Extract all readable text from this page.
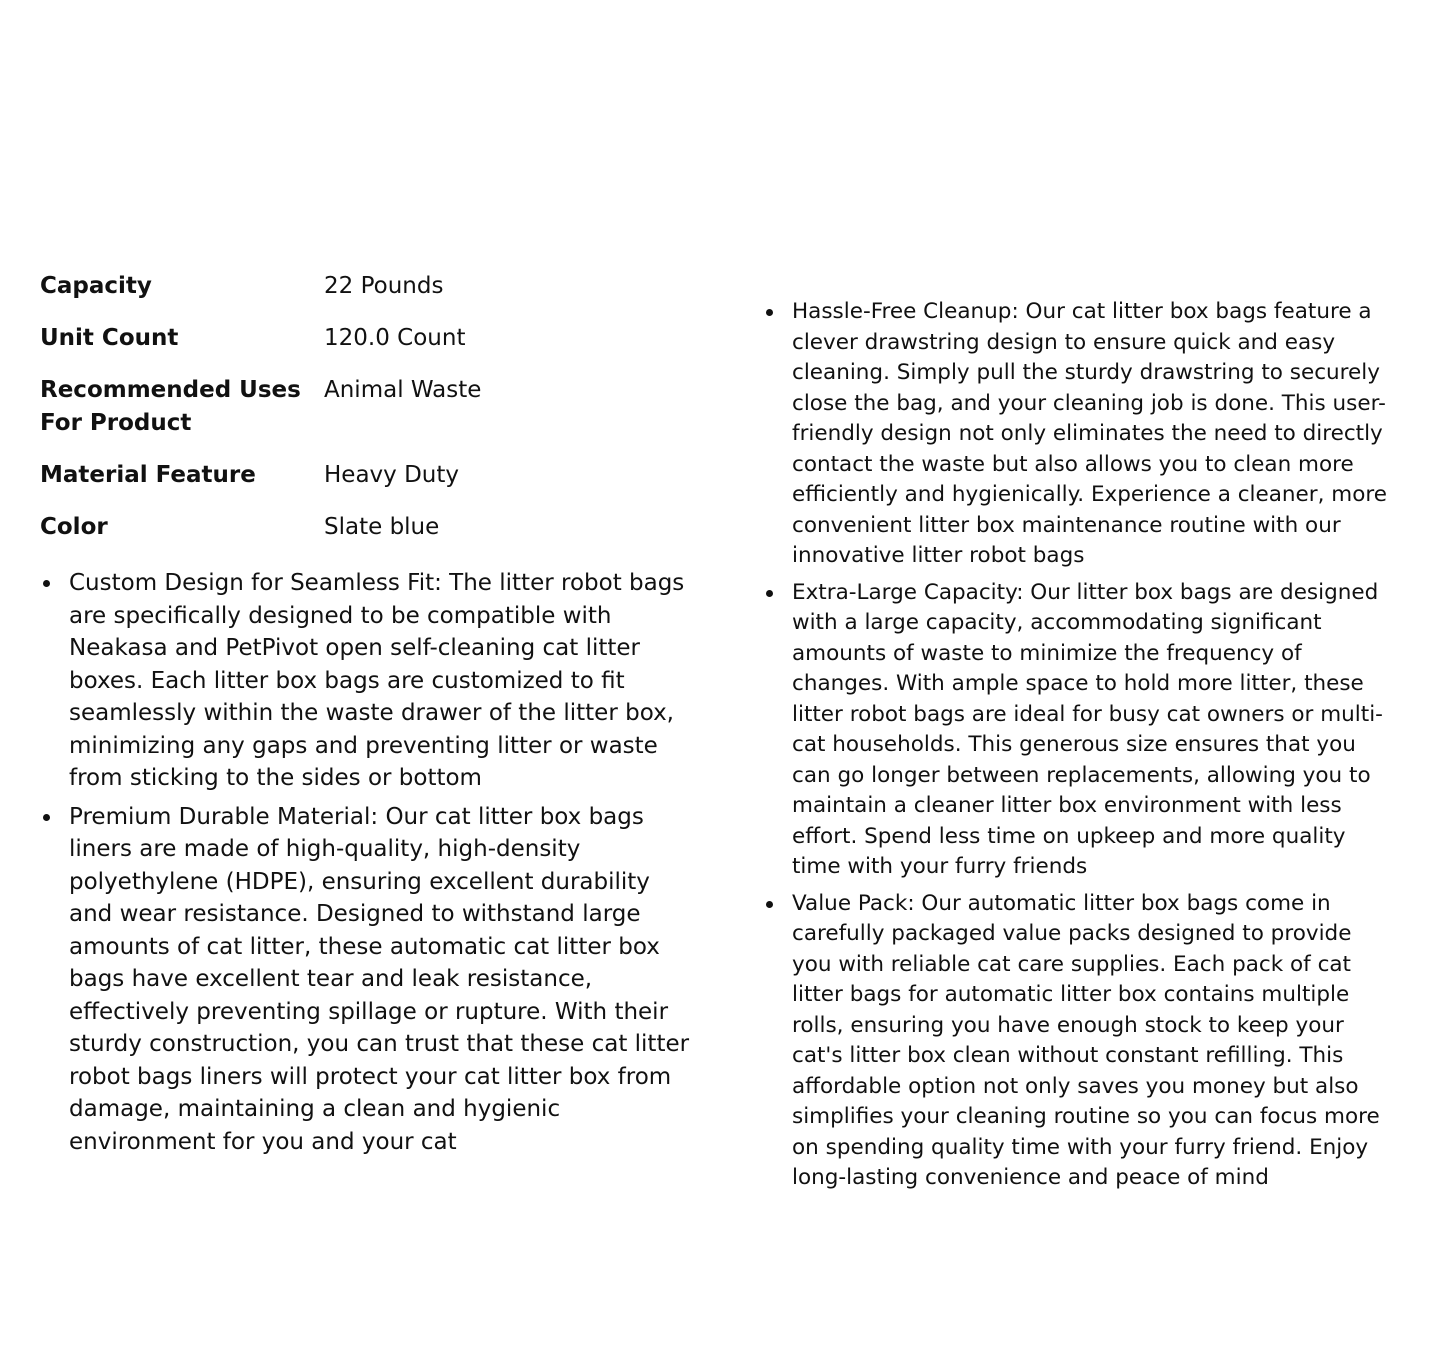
Capacity	22 Pounds
Unit Count	120.0 Count
Recommended Uses For Product	Animal Waste
Material Feature	Heavy Duty
Color	Slate blue
Custom Design for Seamless Fit: The litter robot bags are specifically designed to be compatible with Neakasa and PetPivot open self-cleaning cat litter boxes. Each litter box bags are customized to fit seamlessly within the waste drawer of the litter box, minimizing any gaps and preventing litter or waste from sticking to the sides or bottom
Premium Durable Material: Our cat litter box bags liners are made of high-quality, high-density polyethylene (HDPE), ensuring excellent durability and wear resistance. Designed to withstand large amounts of cat litter, these automatic cat litter box bags have excellent tear and leak resistance, effectively preventing spillage or rupture. With their sturdy construction, you can trust that these cat litter robot bags liners will protect your cat litter box from damage, maintaining a clean and hygienic environment for you and your cat
Hassle-Free Cleanup: Our cat litter box bags feature a clever drawstring design to ensure quick and easy cleaning. Simply pull the sturdy drawstring to securely close the bag, and your cleaning job is done. This user-friendly design not only eliminates the need to directly contact the waste but also allows you to clean more efficiently and hygienically. Experience a cleaner, more convenient litter box maintenance routine with our innovative litter robot bags
Extra-Large Capacity: Our litter box bags are designed with a large capacity, accommodating significant amounts of waste to minimize the frequency of changes. With ample space to hold more litter, these litter robot bags are ideal for busy cat owners or multi-cat households. This generous size ensures that you can go longer between replacements, allowing you to maintain a cleaner litter box environment with less effort. Spend less time on upkeep and more quality time with your furry friends
Value Pack: Our automatic litter box bags come in carefully packaged value packs designed to provide you with reliable cat care supplies. Each pack of cat litter bags for automatic litter box contains multiple rolls, ensuring you have enough stock to keep your cat's litter box clean without constant refilling. This affordable option not only saves you money but also simplifies your cleaning routine so you can focus more on spending quality time with your furry friend. Enjoy long-lasting convenience and peace of mind
